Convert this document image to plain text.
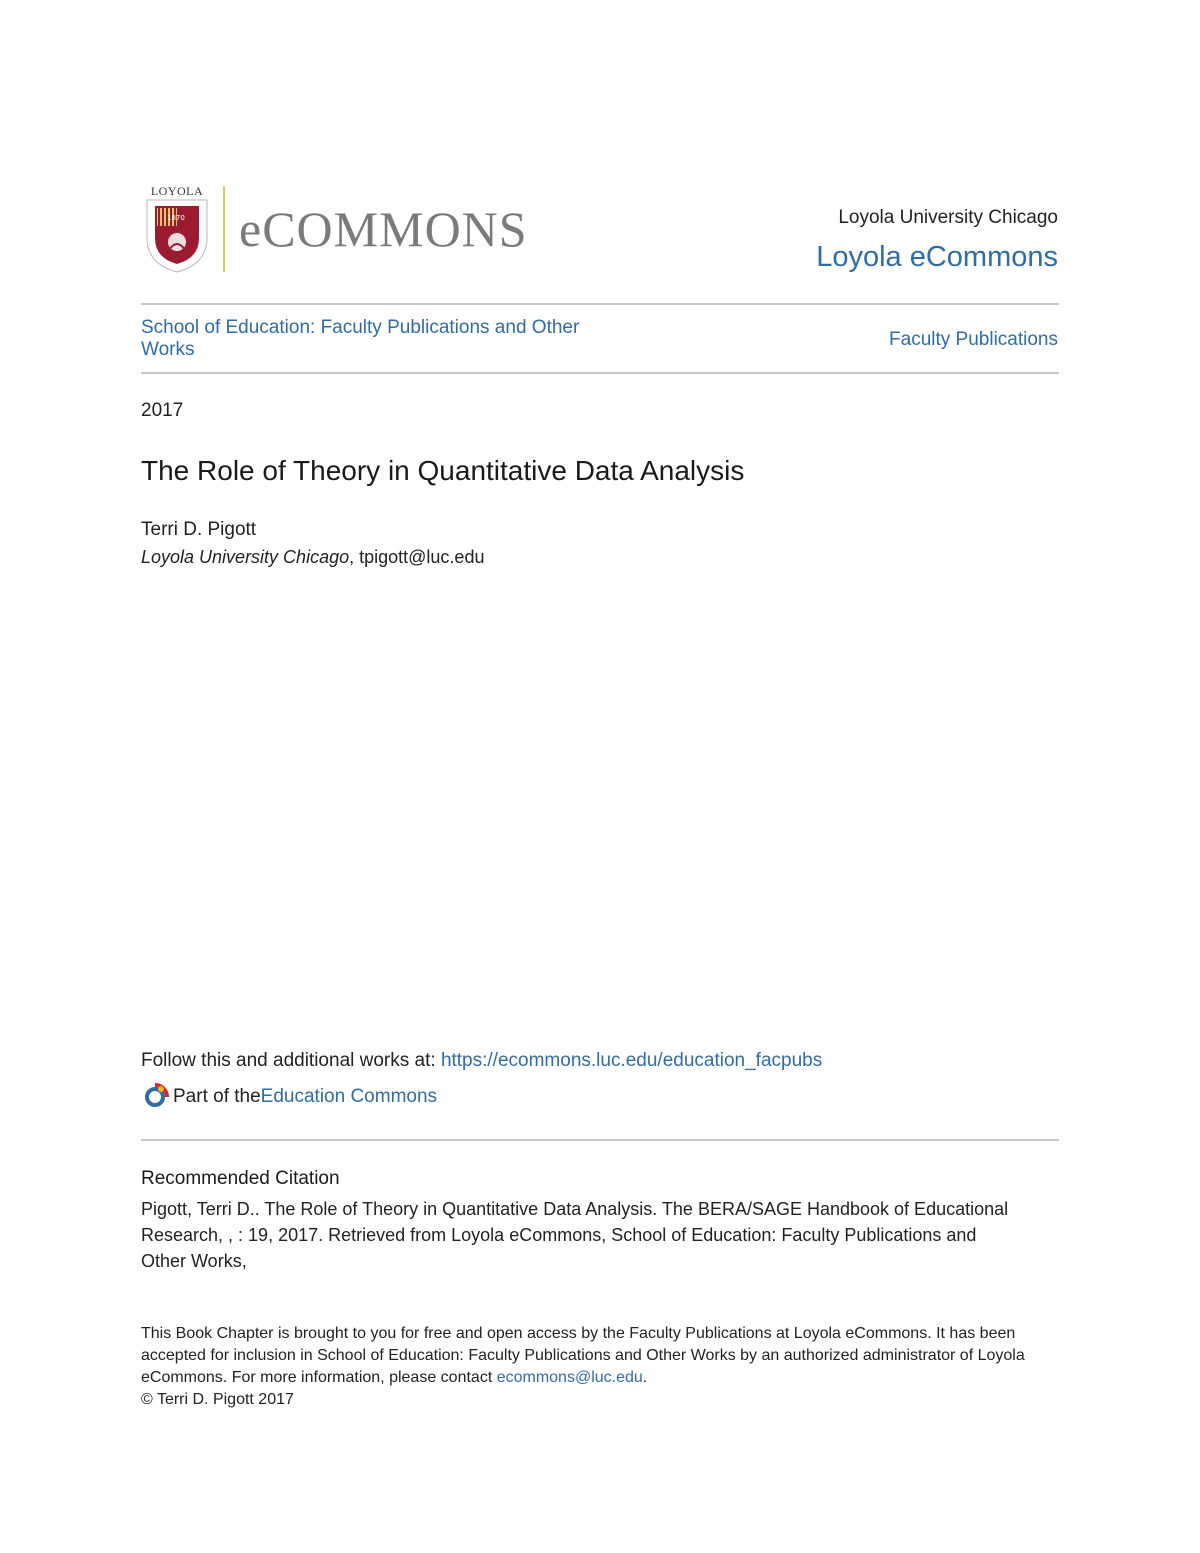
LOYOLA
1870 eCOMMONS	Loyola University Chicago
Loyola eCommons
School of Education: Faculty Publications and Other Works	Faculty Publications
2017
The Role of Theory in Quantitative Data Analysis
Terri D. Pigott
Loyola University Chicago, tpigott@luc.edu
Follow this and additional works at: https://ecommons.luc.edu/education_facpubs
Part of the Education Commons
Recommended Citation
Pigott, Terri D.. The Role of Theory in Quantitative Data Analysis. The BERA/SAGE Handbook of Educational Research, , : 19, 2017. Retrieved from Loyola eCommons, School of Education: Faculty Publications and Other Works,
This Book Chapter is brought to you for free and open access by the Faculty Publications at Loyola eCommons. It has been accepted for inclusion in School of Education: Faculty Publications and Other Works by an authorized administrator of Loyola eCommons. For more information, please contact ecommons@luc.edu.
© Terri D. Pigott 2017
